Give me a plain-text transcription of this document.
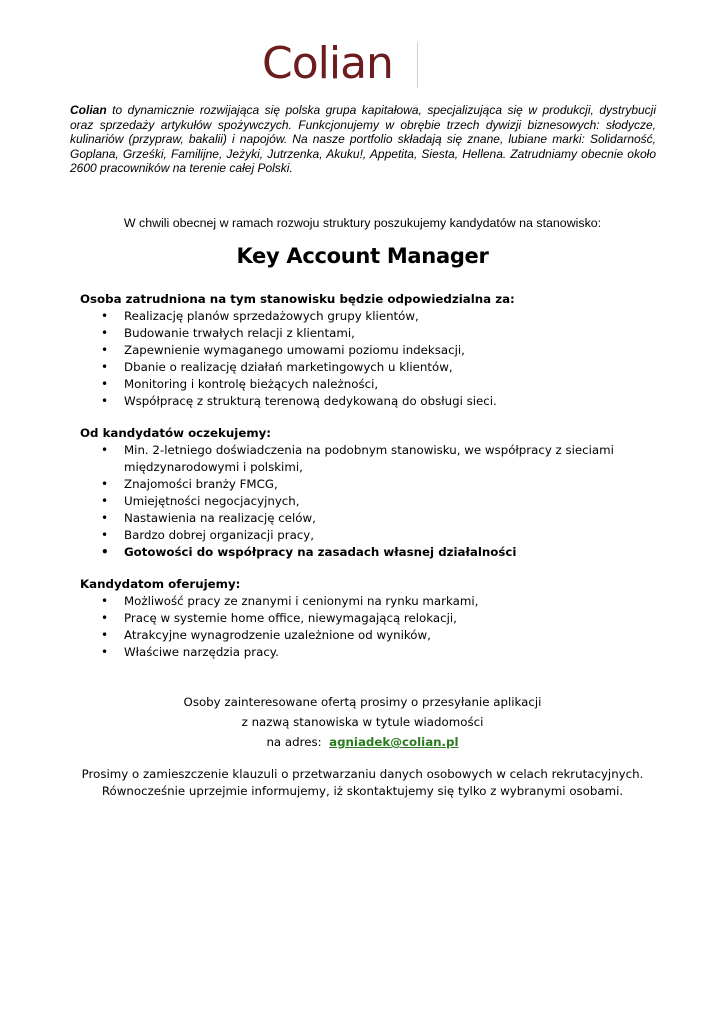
Colian

Colian to dynamicznie rozwijająca się polska grupa kapitałowa, specjalizująca się w produkcji, dystrybucji oraz sprzedaży artykułów spożywczych. Funkcjonujemy w obrębie trzech dywizji biznesowych: słodycze, kulinariów (przypraw, bakalii) i napojów. Na nasze portfolio składają się znane, lubiane marki: Solidarność, Goplana, Grześki, Familijne, Jeżyki, Jutrzenka, Akuku!, Appetita, Siesta, Hellena. Zatrudniamy obecnie około 2600 pracowników na terenie całej Polski.

W chwili obecnej w ramach rozwoju struktury poszukujemy kandydatów na stanowisko:
Key Account Manager

Osoba zatrudniona na tym stanowisku będzie odpowiedzialna za:

• Realizację planów sprzedażowych grupy klientów,
• Budowanie trwałych relacji z klientami,
• Zapewnienie wymaganego umowami poziomu indeksacji,
• Dbanie o realizację działań marketingowych u klientów,
• Monitoring i kontrolę bieżących należności,
• Współpracę z strukturą terenową dedykowaną do obsługi sieci.

Od kandydatów oczekujemy:

• Min. 2-letniego doświadczenia na podobnym stanowisku, we współpracy z sieciami międzynarodowymi i polskimi,
• Znajomości branży FMCG,
• Umiejętności negocjacyjnych,
• Nastawienia na realizację celów,
• Bardzo dobrej organizacji pracy,
• Gotowości do współpracy na zasadach własnej działalności

Kandydatom oferujemy:

• Możliwość pracy ze znanymi i cenionymi na rynku markami,
• Pracę w systemie home office, niewymagającą relokacji,
• Atrakcyjne wynagrodzenie uzależnione od wyników,
• Właściwe narzędzia pracy.
Osoby zainteresowane ofertą prosimy o przesyłanie aplikacji
z nazwą stanowiska w tytule wiadomości
na adres:  agniadek@colian.pl
Prosimy o zamieszczenie klauzuli o przetwarzaniu danych osobowych w celach rekrutacyjnych.
Równocześnie uprzejmie informujemy, iż skontaktujemy się tylko z wybranymi osobami.
